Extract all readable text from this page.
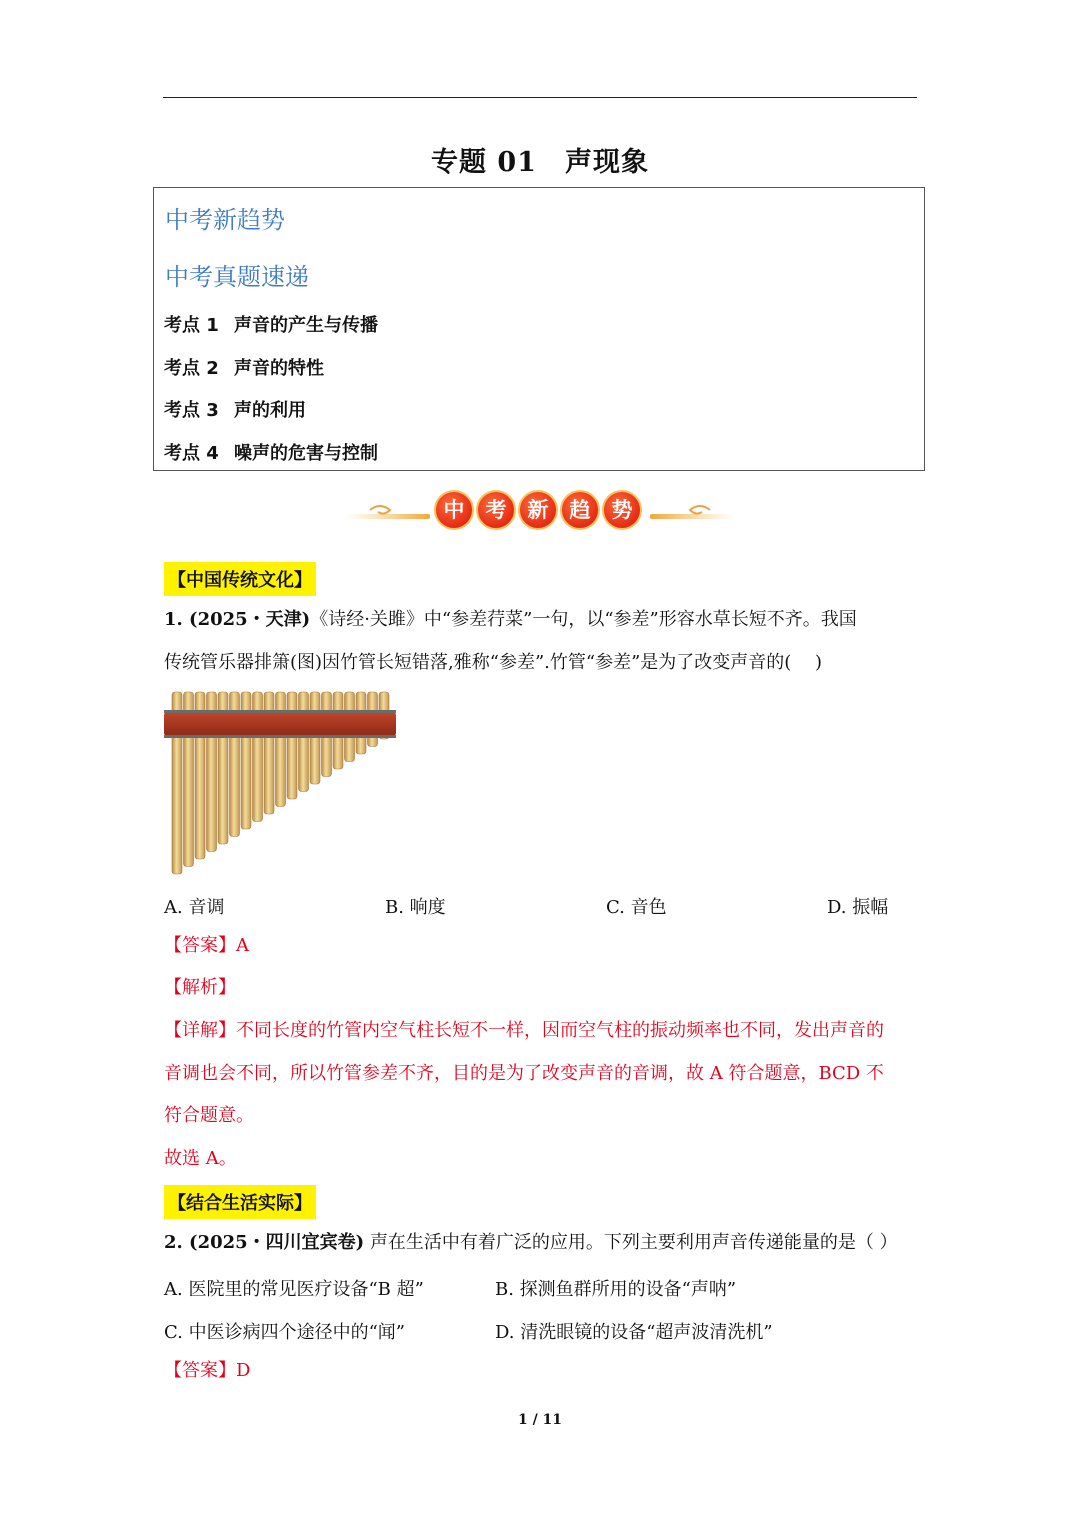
专题 01　声现象
中考新趋势
中考真题速递
考点 1 声音的产生与传播
考点 2 声音的特性
考点 3 声的利用
考点 4 噪声的危害与控制
中	考	新	趋	势
【中国传统文化】
1. (2025・天津)《诗经·关雎》中“参差荇菜”一句，以“参差”形容水草长短不齐。我国
传统管乐器排箫(图)因竹管长短错落,雅称“参差”.竹管“参差”是为了改变声音的(　 )
A. 音调	B. 响度	C. 音色	D. 振幅
【答案】A
【解析】
【详解】不同长度的竹管内空气柱长短不一样，因而空气柱的振动频率也不同，发出声音的
音调也会不同，所以竹管参差不齐，目的是为了改变声音的音调，故 A 符合题意，BCD 不
符合题意。
故选 A。
【结合生活实际】
2. (2025・四川宜宾卷) 声在生活中有着广泛的应用。下列主要利用声音传递能量的是（ ）
A. 医院里的常见医疗设备“B 超”	B. 探测鱼群所用的设备“声呐”
C. 中医诊病四个途径中的“闻”	D. 清洗眼镜的设备“超声波清洗机”
【答案】D
1 / 11
